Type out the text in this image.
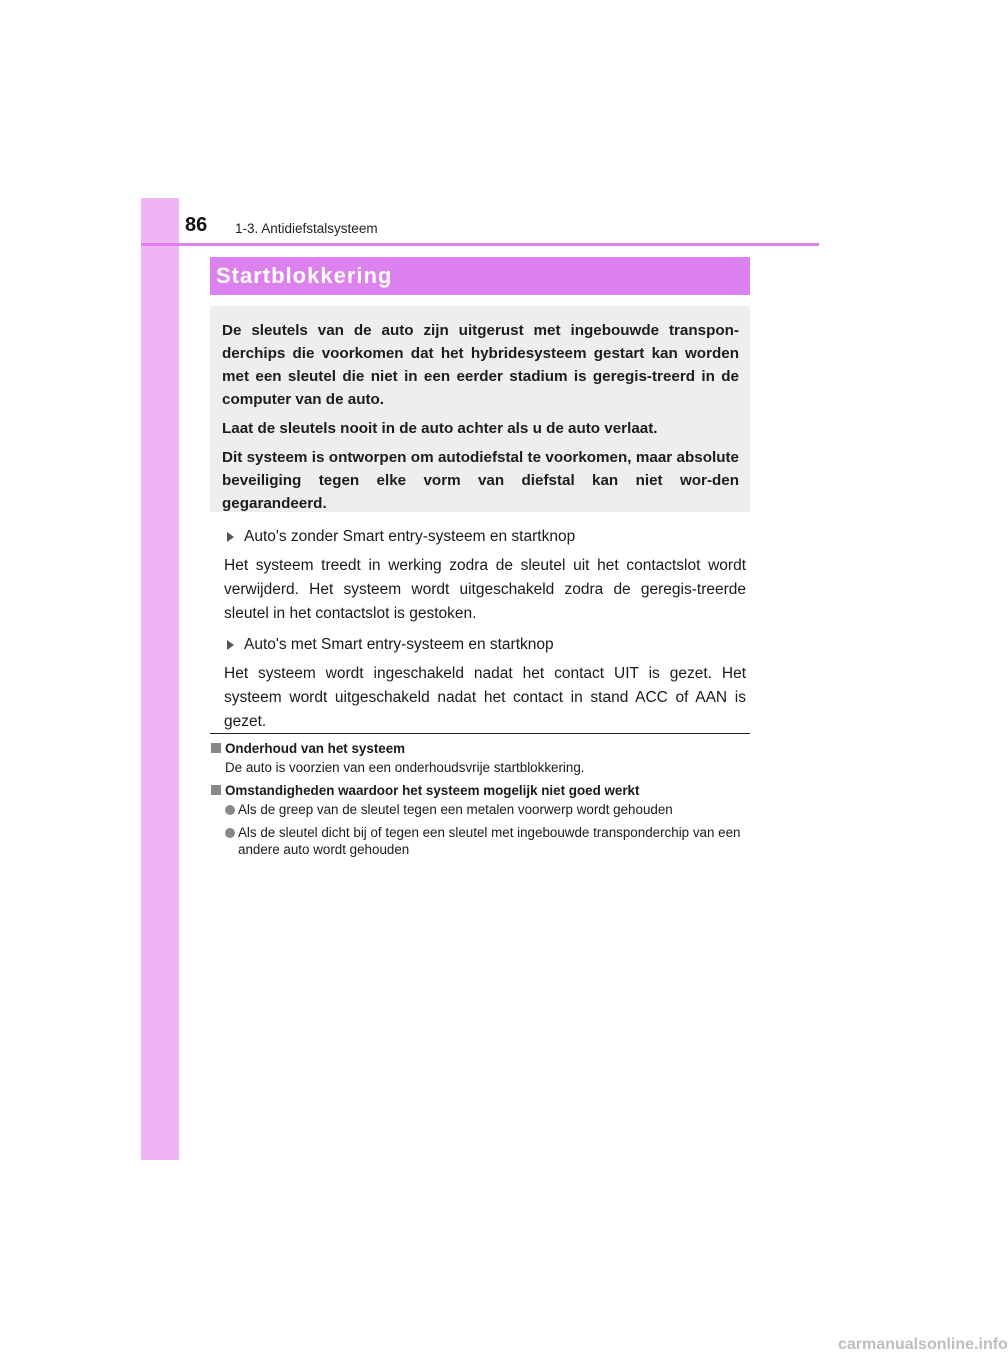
86 1-3. Antidiefstalsysteem
Startblokkering

De sleutels van de auto zijn uitgerust met ingebouwde transpon-derchips die voorkomen dat het hybridesysteem gestart kan worden met een sleutel die niet in een eerder stadium is geregis-treerd in de computer van de auto.

Laat de sleutels nooit in de auto achter als u de auto verlaat.

Dit systeem is ontworpen om autodiefstal te voorkomen, maar absolute beveiliging tegen elke vorm van diefstal kan niet wor-den gegarandeerd.

Auto's zonder Smart entry-systeem en startknop

Het systeem treedt in werking zodra de sleutel uit het contactslot wordt verwijderd. Het systeem wordt uitgeschakeld zodra de geregis-treerde sleutel in het contactslot is gestoken.

Auto's met Smart entry-systeem en startknop

Het systeem wordt ingeschakeld nadat het contact UIT is gezet. Het systeem wordt uitgeschakeld nadat het contact in stand ACC of AAN is gezet.

Onderhoud van het systeem
De auto is voorzien van een onderhoudsvrije startblokkering.
Omstandigheden waardoor het systeem mogelijk niet goed werkt
Als de greep van de sleutel tegen een metalen voorwerp wordt gehouden
Als de sleutel dicht bij of tegen een sleutel met ingebouwde transponderchip van een andere auto wordt gehouden
carmanualsonline.info
